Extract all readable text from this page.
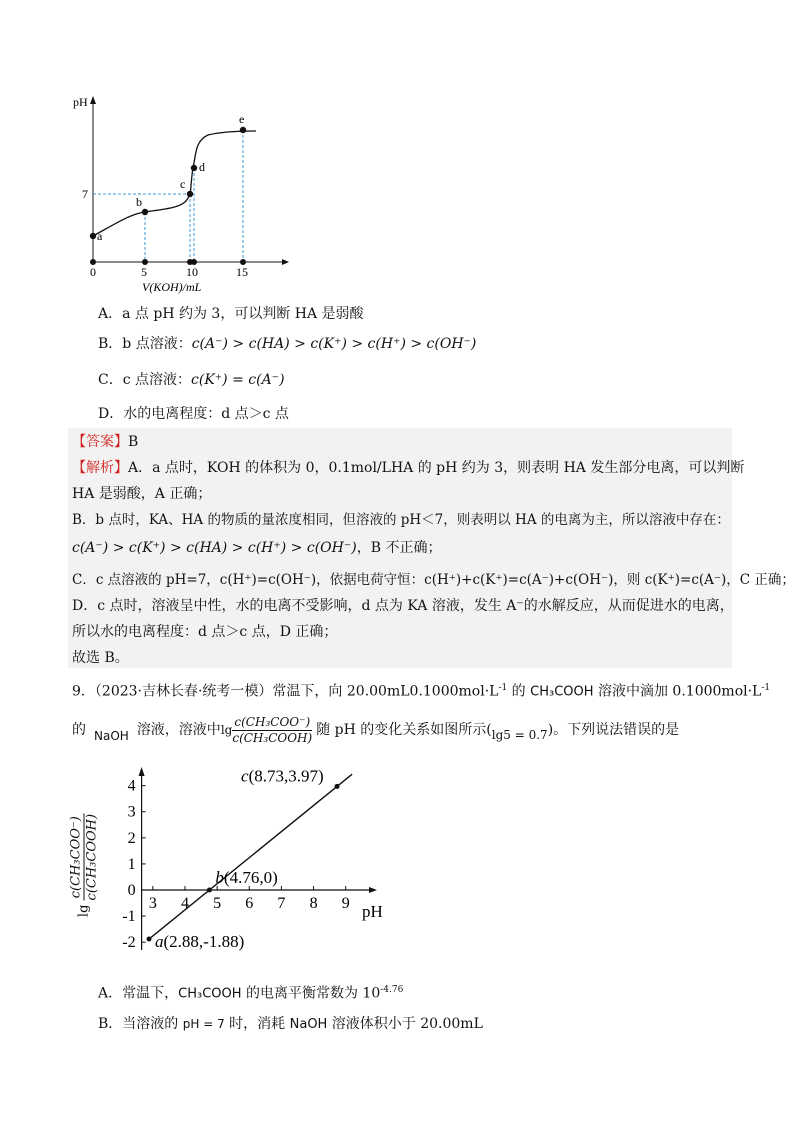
pH
a
b
c
d
e
7
0	5	10	15
V(KOH)/mL
A．a 点 pH 约为 3，可以判断 HA 是弱酸
B．b 点溶液：c(A⁻) > c(HA) > c(K⁺) > c(H⁺) > c(OH⁻)
C．c 点溶液：c(K⁺) = c(A⁻)
D．水的电离程度：d 点＞c 点
【答案】B
【解析】A．a 点时，KOH 的体积为 0，0.1mol/LHA 的 pH 约为 3，则表明 HA 发生部分电离，可以判断
HA 是弱酸，A 正确；
B．b 点时，KA、HA 的物质的量浓度相同，但溶液的 pH＜7，则表明以 HA 的电离为主，所以溶液中存在：
c(A⁻) > c(K⁺) > c(HA) > c(H⁺) > c(OH⁻)，B 不正确；
C．c 点溶液的 pH=7，c(H⁺)=c(OH⁻)，依据电荷守恒：c(H⁺)+c(K⁺)=c(A⁻)+c(OH⁻)，则 c(K⁺)=c(A⁻)，C 正确；
D．c 点时，溶液呈中性，水的电离不受影响，d 点为 KA 溶液，发生 A⁻的水解反应，从而促进水的电离，
所以水的电离程度：d 点＞c 点，D 正确；
故选 B。
9．（2023·吉林长春·统考一模）常温下，向 $20.00mL0.1000mol\cdot L^{-1}$ 的 CH₃COOH 溶液中滴加 $0.1000mol\cdot L^{-1}$
的 NaOH 溶液，溶液中 $\lg \frac{\text{c(CH₃COO⁻)}}{\text{c(CH₃COOH)}}$ 随 pH 的变化关系如图所示( lg5 = 0.7 )。下列说法错误的是
a(2.88,-1.88)
b(4.76,0)
c(8.73,3.97)
3 4 5 6 7 8 9
4
3
2
1
0
-1
-2
pH
lg
c(CH₃COO⁻) c(CH₃COOH)
A．常温下，CH₃COOH 的电离平衡常数为 $10^{-4.76}$
B．当溶液的 pH = 7 时，消耗 NaOH 溶液体积小于 20.00mL
